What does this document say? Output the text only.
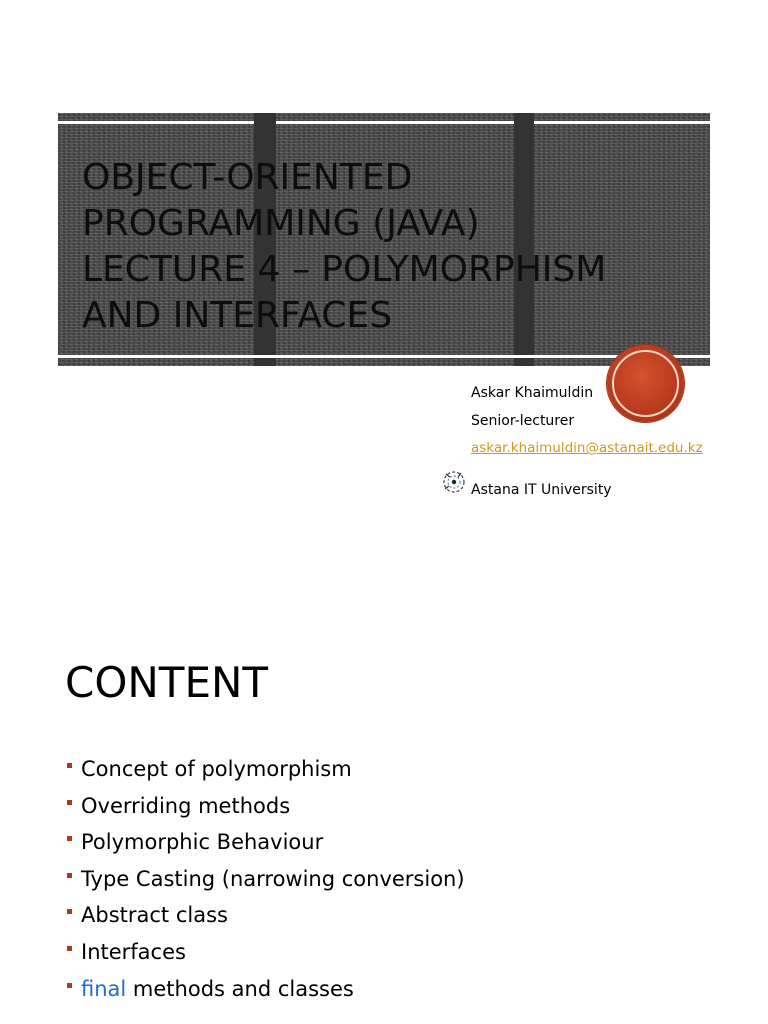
OBJECT-ORIENTED
PROGRAMMING (JAVA)
LECTURE 4 – POLYMORPHISM
AND INTERFACES
Askar Khaimuldin
Senior-lecturer
askar.khaimuldin@astanait.edu.kz
Astana IT University
CONTENT
Concept of polymorphism
Overriding methods
Polymorphic Behaviour
Type Casting (narrowing conversion)
Abstract class
Interfaces
final methods and classes
